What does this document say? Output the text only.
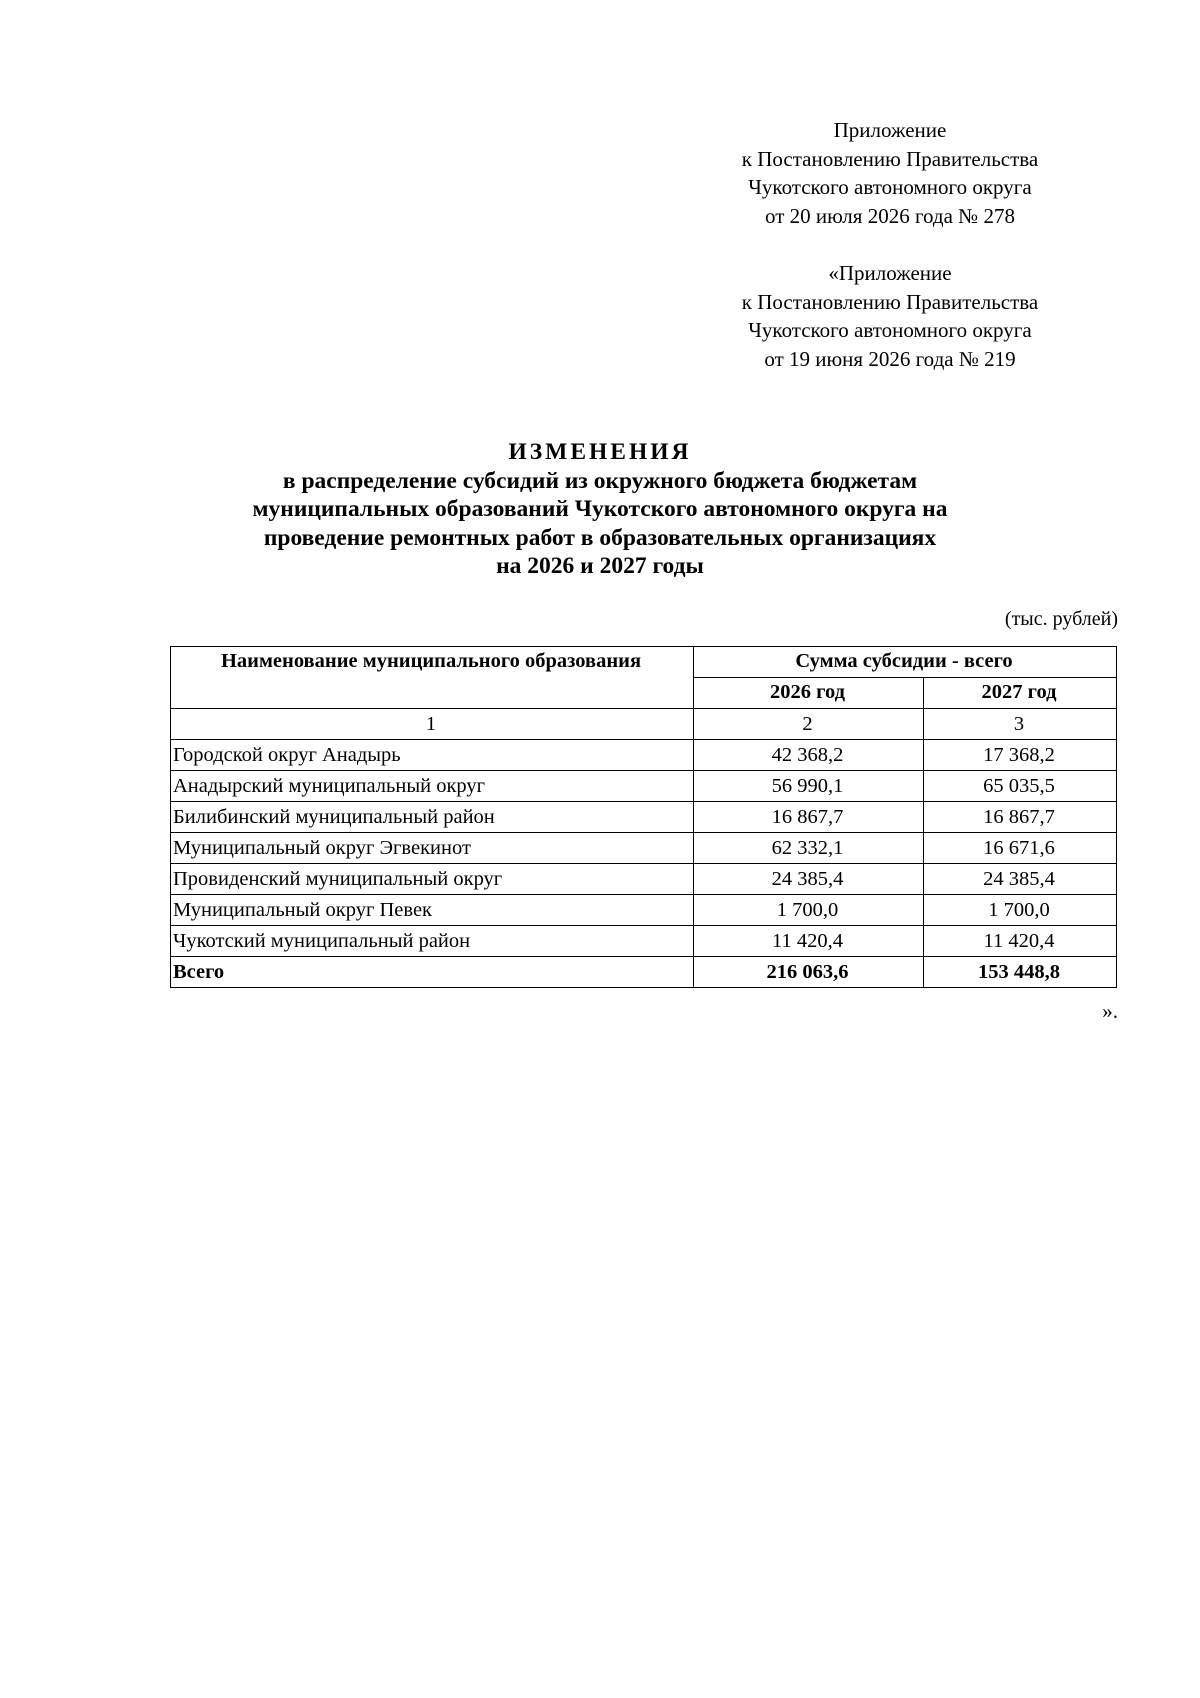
Приложение
к Постановлению Правительства
Чукотского автономного округа
от 20 июля 2026 года № 278
«Приложение
к Постановлению Правительства
Чукотского автономного округа
от 19 июня 2026 года № 219
ИЗМЕНЕНИЯ
в распределение субсидий из окружного бюджета бюджетам
муниципальных образований Чукотского автономного округа на
проведение ремонтных работ в образовательных организациях
на 2026 и 2027 годы
(тыс. рублей)
Наименование муниципального образования	Сумма субсидии - всего	
	2026 год	2027 год
1	2	3
Городской округ Анадырь	42 368,2	17 368,2
Анадырский муниципальный округ	56 990,1	65 035,5
Билибинский муниципальный район	16 867,7	16 867,7
Муниципальный округ Эгвекинот	62 332,1	16 671,6
Провиденский муниципальный округ	24 385,4	24 385,4
Муниципальный округ Певек	1 700,0	1 700,0
Чукотский муниципальный район	11 420,4	11 420,4
Всего	216 063,6	153 448,8
».
